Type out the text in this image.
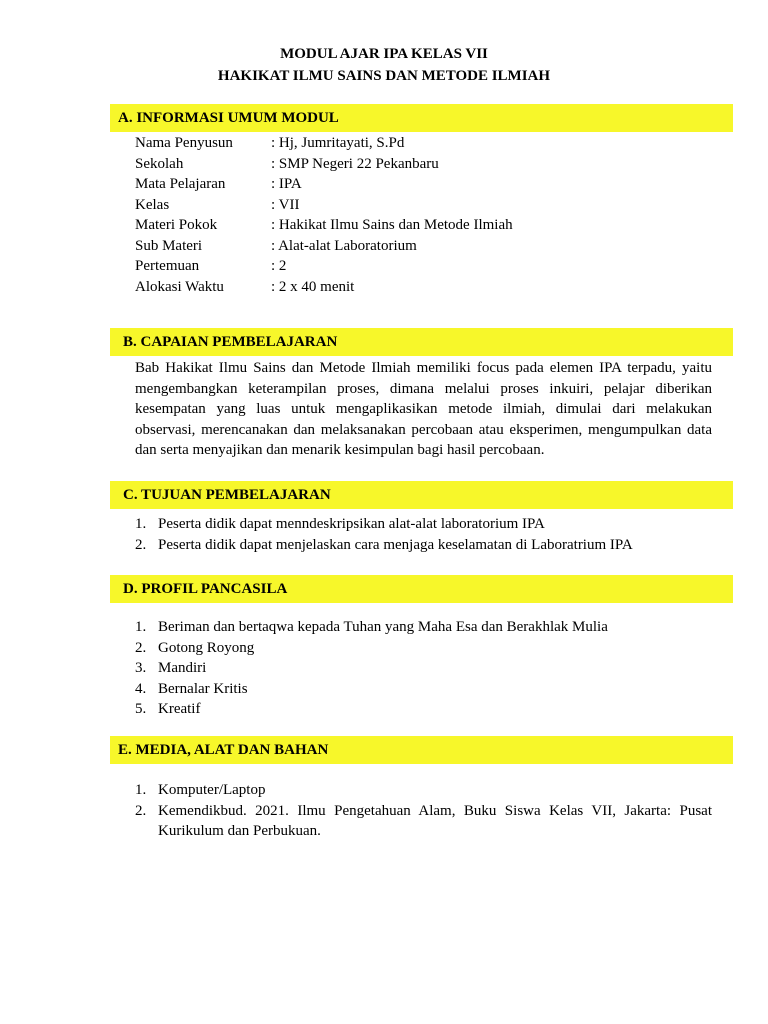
MODUL AJAR IPA KELAS VII
HAKIKAT ILMU SAINS DAN METODE ILMIAH
A. INFORMASI UMUM MODUL
Nama Penyusun	: Hj, Jumritayati, S.Pd
Sekolah	: SMP Negeri 22 Pekanbaru
Mata Pelajaran	: IPA
Kelas	: VII
Materi Pokok	: Hakikat Ilmu Sains dan Metode Ilmiah
Sub Materi	: Alat-alat Laboratorium
Pertemuan	: 2
Alokasi Waktu	: 2 x 40 menit
B. CAPAIAN PEMBELAJARAN
Bab Hakikat Ilmu Sains dan Metode Ilmiah memiliki focus pada elemen IPA terpadu, yaitu mengembangkan keterampilan proses, dimana melalui proses inkuiri, pelajar diberikan kesempatan yang luas untuk mengaplikasikan metode ilmiah, dimulai dari melakukan observasi, merencanakan dan melaksanakan percobaan atau eksperimen, mengumpulkan data dan serta menyajikan dan menarik kesimpulan bagi hasil percobaan.
C. TUJUAN PEMBELAJARAN
1. Peserta didik dapat menndeskripsikan alat-alat laboratorium IPA
2. Peserta didik dapat menjelaskan cara menjaga keselamatan di Laboratrium IPA
D. PROFIL PANCASILA
1. Beriman dan bertaqwa kepada Tuhan yang Maha Esa dan Berakhlak Mulia
2. Gotong Royong
3. Mandiri
4. Bernalar Kritis
5. Kreatif
E. MEDIA, ALAT DAN BAHAN
1. Komputer/Laptop
2. Kemendikbud. 2021. Ilmu Pengetahuan Alam, Buku Siswa Kelas VII, Jakarta: Pusat Kurikulum dan Perbukuan.
